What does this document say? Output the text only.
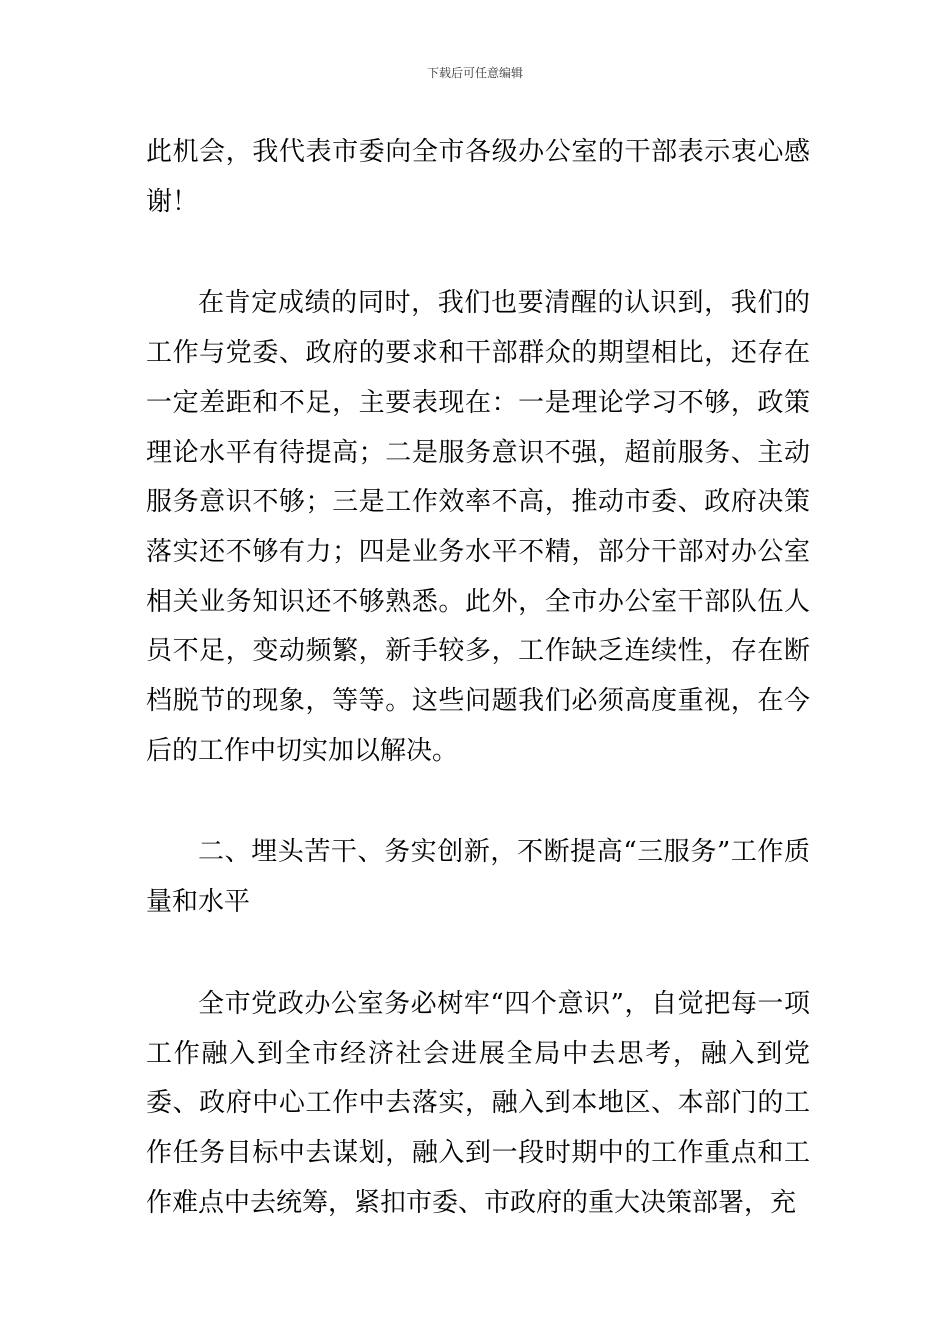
下载后可任意编辑

此机会，我代表市委向全市各级办公室的干部表示衷心感谢！

在肯定成绩的同时，我们也要清醒的认识到，我们的工作与党委、政府的要求和干部群众的期望相比，还存在一定差距和不足，主要表现在：一是理论学习不够，政策理论水平有待提高；二是服务意识不强，超前服务、主动服务意识不够；三是工作效率不高，推动市委、政府决策落实还不够有力；四是业务水平不精，部分干部对办公室相关业务知识还不够熟悉。此外，全市办公室干部队伍人员不足，变动频繁，新手较多，工作缺乏连续性，存在断档脱节的现象，等等。这些问题我们必须高度重视，在今后的工作中切实加以解决。

二、埋头苦干、务实创新，不断提高“三服务”工作质量和水平

全市党政办公室务必树牢“四个意识”，自觉把每一项工作融入到全市经济社会进展全局中去思考，融入到党委、政府中心工作中去落实，融入到本地区、本部门的工作任务目标中去谋划，融入到一段时期中的工作重点和工作难点中去统筹，紧扣市委、市政府的重大决策部署，充
